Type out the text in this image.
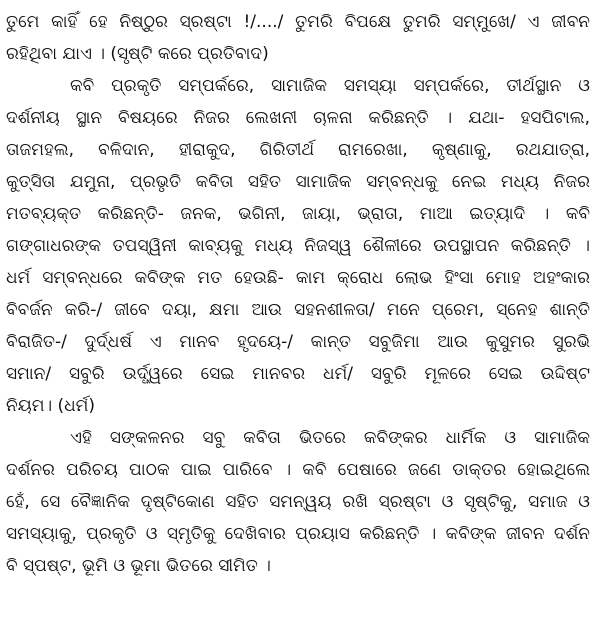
ତୁମେ କାହିଁ ହେ ନିଷ୍ଠୁର ସ୍ରଷ୍ଟା !/..../ ତୁମରି ବିପକ୍ଷେ ତୁମରି ସମ୍ମୁଖେ/ ଏ ଜୀବନ
ରହିଥିବା ଯାଏ । (ସୃଷ୍ଟି କରେ ପ୍ରତିବାଦ)
କବି ପ୍ରକୃତି ସମ୍ପର୍କରେ, ସାମାଜିକ ସମସ୍ୟା ସମ୍ପର୍କରେ, ତୀର୍ଥସ୍ଥାନ ଓ
ଦର୍ଶନୀୟ ସ୍ଥାନ ବିଷୟରେ ନିଜର ଲେଖନୀ ଚାଳନା କରିଛନ୍ତି । ଯଥା- ହସପିଟାଲ,
ତାଜମହଲ, ବଳିଦାନ, ହୀରାକୁଦ, ଗିରିତୀର୍ଥ ରାମରେଖା, କୃଷ୍ଣାକୁ, ରଥଯାତ୍ରା,
କୁତ୍ସିତା ଯମୁନା, ପ୍ରଭୃତି କବିତା ସହିତ ସାମାଜିକ ସମ୍ବନ୍ଧକୁ ନେଇ ମଧ୍ୟ ନିଜର
ମତବ୍ୟକ୍ତ କରିଛନ୍ତି- ଜନକ, ଭଗିନୀ, ଜାୟା, ଭ୍ରାତା, ମାଆ ଇତ୍ୟାଦି । କବି
ଗଙ୍ଗାଧରଙ୍କ ତପସ୍ୱିନୀ କାବ୍ୟକୁ ମଧ୍ୟ ନିଜସ୍ୱ ଶୈଳୀରେ ଉପସ୍ଥାପନ କରିଛନ୍ତି ।
ଧର୍ମ ସମ୍ବନ୍ଧରେ କବିଙ୍କ ମତ ହେଉଛି- କାମ କ୍ରୋଧ ଲୋଭ ହିଂସା ମୋହ ଅହଂକାର
ବିବର୍ଜନ କରି-/ ଜୀବେ ଦୟା, କ୍ଷମା ଆଉ ସହନଶୀଳତା/ ମନେ ପ୍ରେମ, ସ୍ନେହ ଶାନ୍ତି
ବିରାଜିତ-/ ଦୁର୍ଦ୍ଧର୍ଷ ଏ ମାନବ ହୃଦୟେ-/ କାନ୍ତ ସବୁଜିମା ଆଉ କୁସୁମର ସୁରଭି
ସମାନ/ ସବୁରି ଉର୍ଦ୍ଧ୍ୱରେ ସେଇ ମାନବର ଧର୍ମ/ ସବୁରି ମୂଳରେ ସେଇ ଉଦ୍ଦିଷ୍ଟ
ନିୟମ। (ଧର୍ମ)
ଏହି ସଙ୍କଳନର ସବୁ କବିତା ଭିତରେ କବିଙ୍କର ଧାର୍ମିକ ଓ ସାମାଜିକ
ଦର୍ଶନର ପରିଚୟ ପାଠକ ପାଇ ପାରିବେ । କବି ପେଷାରେ ଜଣେ ଡାକ୍ତର ହୋଇଥିଲେ
ହେଁ, ସେ ବୈଜ୍ଞାନିକ ଦୃଷ୍ଟିକୋଣ ସହିତ ସମନ୍ୱୟ ରଖି ସ୍ରଷ୍ଟା ଓ ସୃଷ୍ଟିକୁ, ସମାଜ ଓ
ସମସ୍ୟାକୁ, ପ୍ରକୃତି ଓ ସ୍ମୃତିକୁ ଦେଖିବାର ପ୍ରୟାସ କରିଛନ୍ତି । କବିଙ୍କ ଜୀବନ ଦର୍ଶନ
ବି ସ୍ପଷ୍ଟ, ଭୂମି ଓ ଭୂମା ଭିତରେ ସୀମିତ ।
